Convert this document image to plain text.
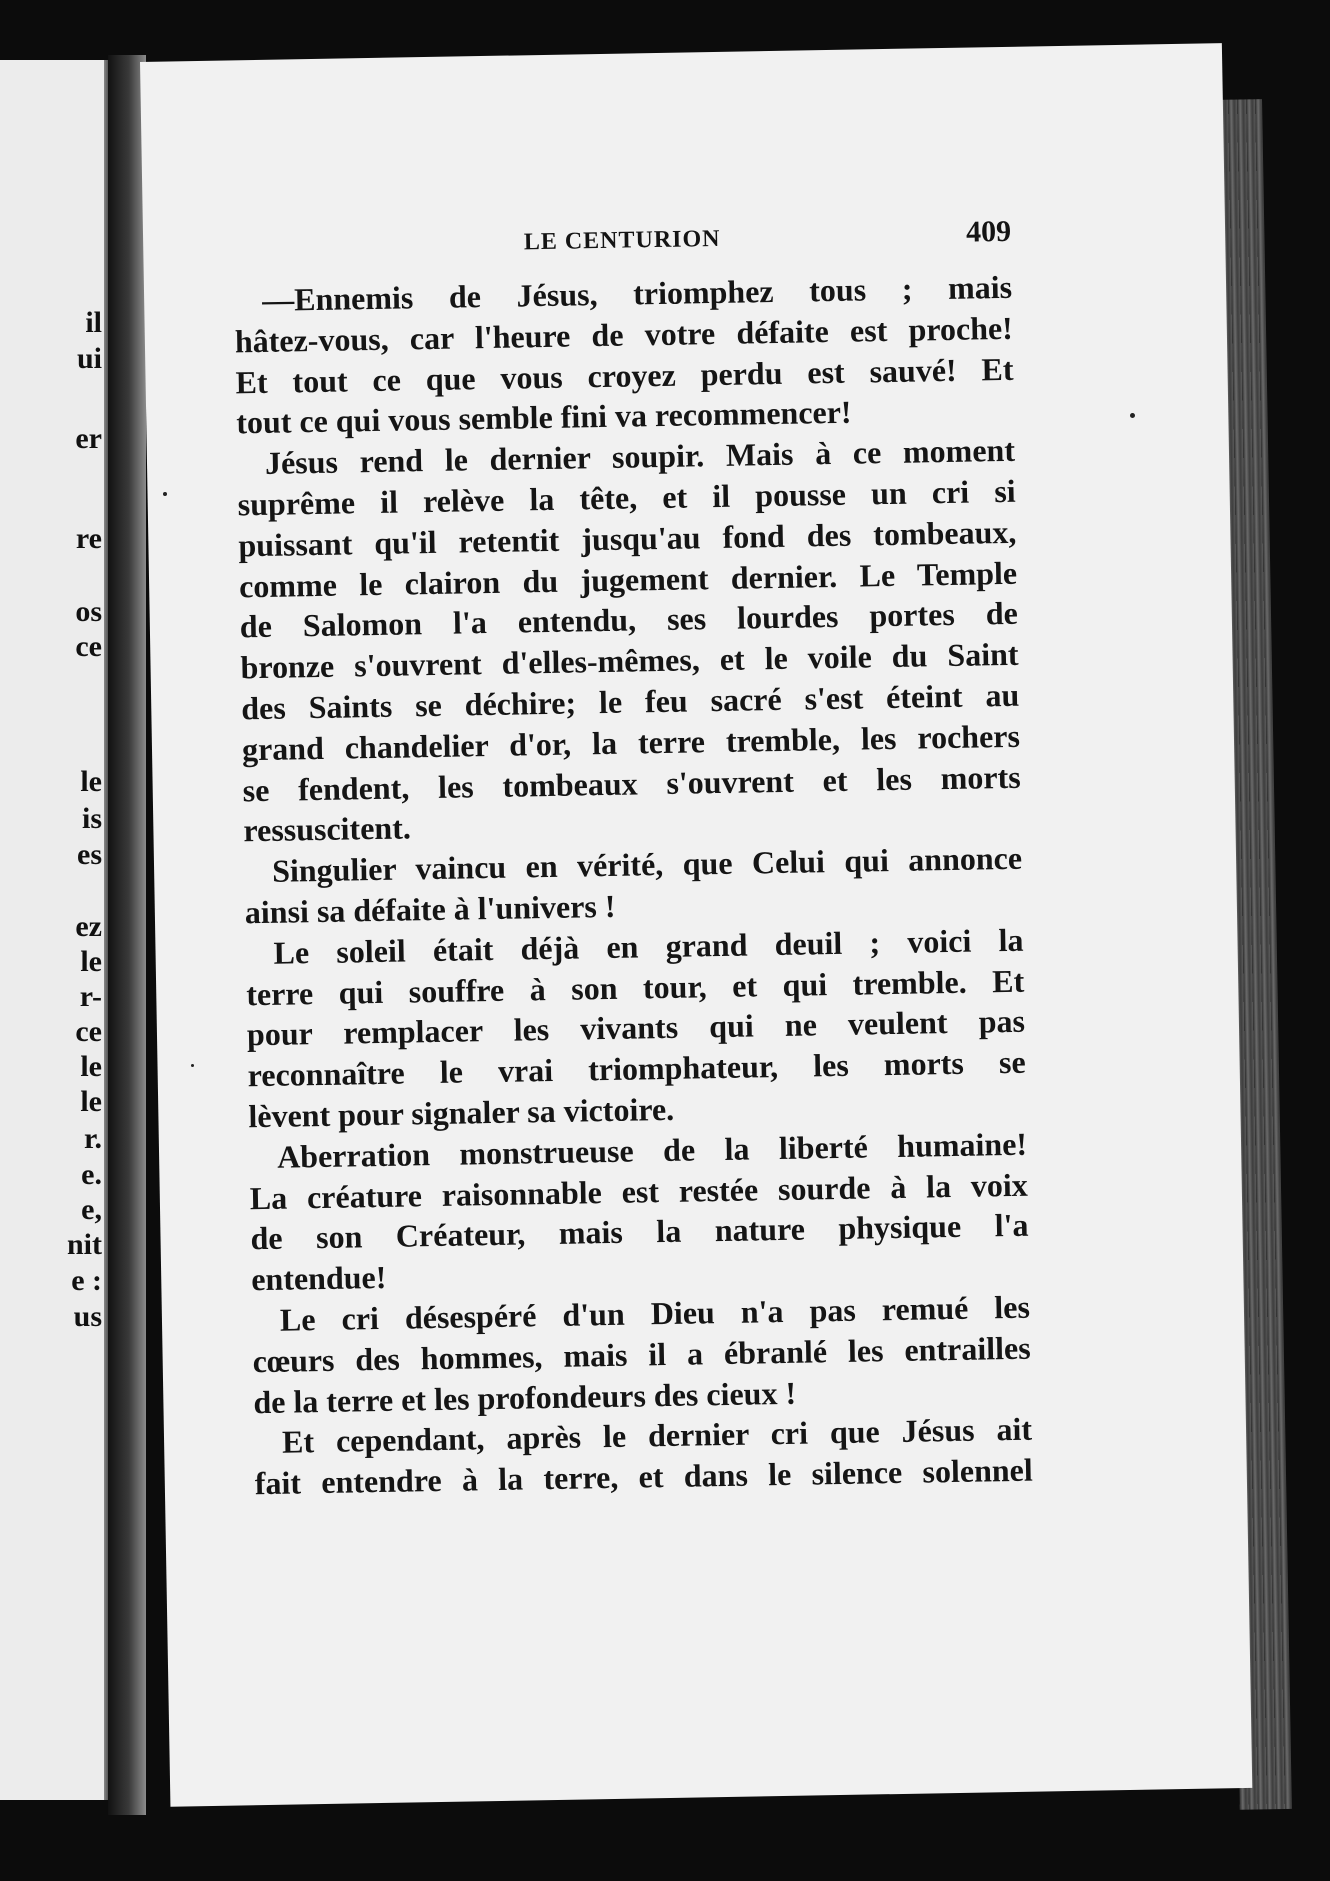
il
ui
er
re
os
ce
le
is
es
ez
le
r-
ce
le
le
r.
e.
e,
nit
e :
us
LE CENTURION	409
—Ennemis de Jésus, triomphez tous ; mais
hâtez-vous, car l'heure de votre défaite est proche!
Et tout ce que vous croyez perdu est sauvé! Et
tout ce qui vous semble fini va recommencer!
Jésus rend le dernier soupir. Mais à ce moment
suprême il relève la tête, et il pousse un cri si
puissant qu'il retentit jusqu'au fond des tombeaux,
comme le clairon du jugement dernier. Le Temple
de Salomon l'a entendu, ses lourdes portes de
bronze s'ouvrent d'elles-mêmes, et le voile du Saint
des Saints se déchire; le feu sacré s'est éteint au
grand chandelier d'or, la terre tremble, les rochers
se fendent, les tombeaux s'ouvrent et les morts
ressuscitent.
Singulier vaincu en vérité, que Celui qui annonce
ainsi sa défaite à l'univers !
Le soleil était déjà en grand deuil ; voici la
terre qui souffre à son tour, et qui tremble. Et
pour remplacer les vivants qui ne veulent pas
reconnaître le vrai triomphateur, les morts se
lèvent pour signaler sa victoire.
Aberration monstrueuse de la liberté humaine!
La créature raisonnable est restée sourde à la voix
de son Créateur, mais la nature physique l'a
entendue!
Le cri désespéré d'un Dieu n'a pas remué les
cœurs des hommes, mais il a ébranlé les entrailles
de la terre et les profondeurs des cieux !
Et cependant, après le dernier cri que Jésus ait
fait entendre à la terre, et dans le silence solennel
